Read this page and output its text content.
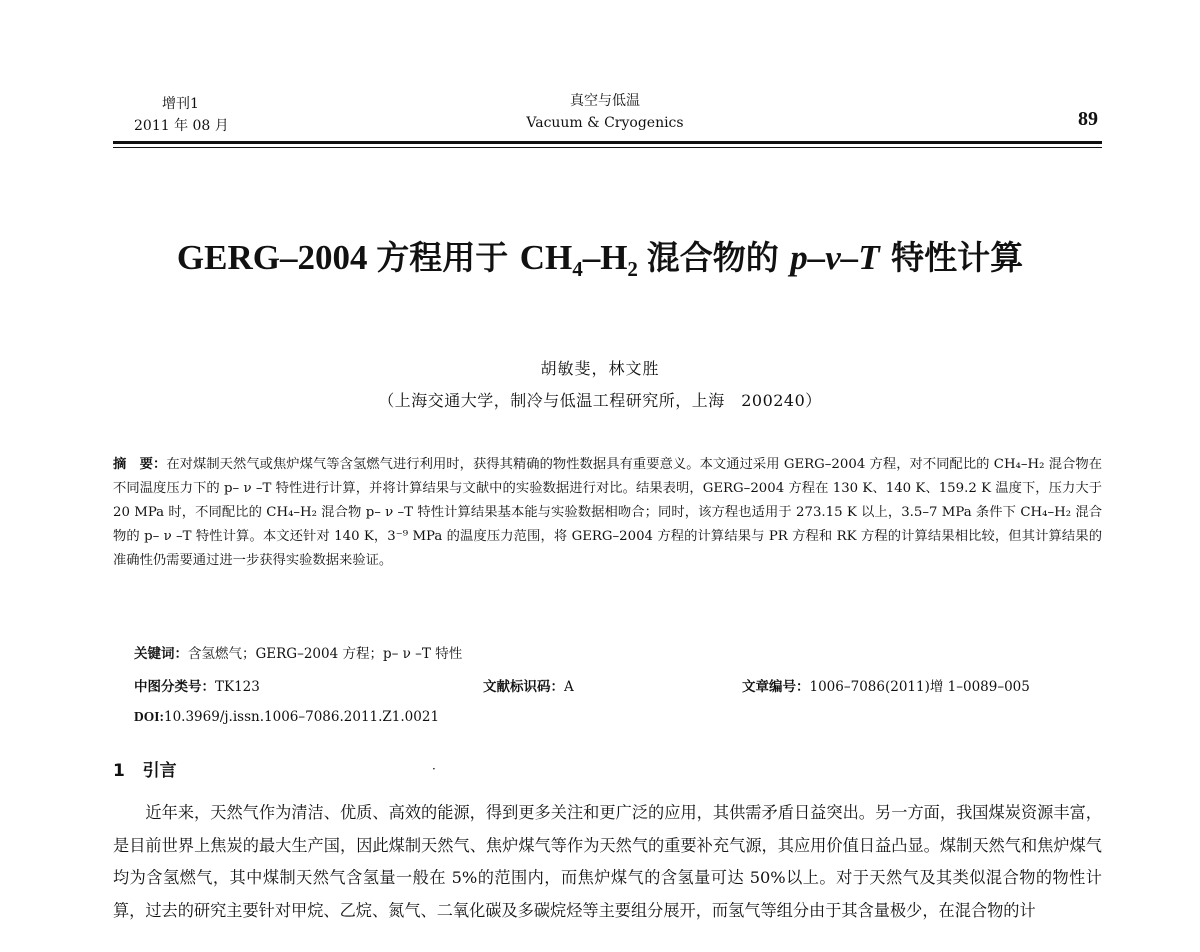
增刊1
2011 年 08 月
真空与低温
Vacuum & Cryogenics	89
GERG–2004 方程用于 CH₄–H₂ 混合物的 p–ν–T 特性计算
胡敏斐，林文胜
（上海交通大学，制冷与低温工程研究所，上海　200240）

摘　要：在对煤制天然气或焦炉煤气等含氢燃气进行利用时，获得其精确的物性数据具有重要意义。本文通过采用 GERG–2004 方程，对不同配比的 CH₄–H₂ 混合物在不同温度压力下的 p– ν –T 特性进行计算，并将计算结果与文献中的实验数据进行对比。结果表明，GERG–2004 方程在 130 K、140 K、159.2 K 温度下，压力大于 20 MPa 时，不同配比的 CH₄–H₂ 混合物 p– ν –T 特性计算结果基本能与实验数据相吻合；同时，该方程也适用于 273.15 K 以上，3.5–7 MPa 条件下 CH₄–H₂ 混合物的 p– ν –T 特性计算。本文还针对 140 K，3⁻⁹ MPa 的温度压力范围，将 GERG–2004 方程的计算结果与 PR 方程和 RK 方程的计算结果相比较，但其计算结果的准确性仍需要通过进一步获得实验数据来验证。

关键词：含氢燃气；GERG–2004 方程；p– ν –T 特性
中图分类号：TK123	文献标识码：A	文章编号：1006–7086(2011)增 1–0089–005
DOI:10.3969/j.issn.1006–7086.2011.Z1.0021
1 引言	·

近年来，天然气作为清洁、优质、高效的能源，得到更多关注和更广泛的应用，其供需矛盾日益突出。另一方面，我国煤炭资源丰富，是目前世界上焦炭的最大生产国，因此煤制天然气、焦炉煤气等作为天然气的重要补充气源，其应用价值日益凸显。煤制天然气和焦炉煤气均为含氢燃气，其中煤制天然气含氢量一般在 5%的范围内，而焦炉煤气的含氢量可达 50%以上。对于天然气及其类似混合物的物性计算，过去的研究主要针对甲烷、乙烷、氮气、二氧化碳及多碳烷烃等主要组分展开，而氢气等组分由于其含量极少，在混合物的计
